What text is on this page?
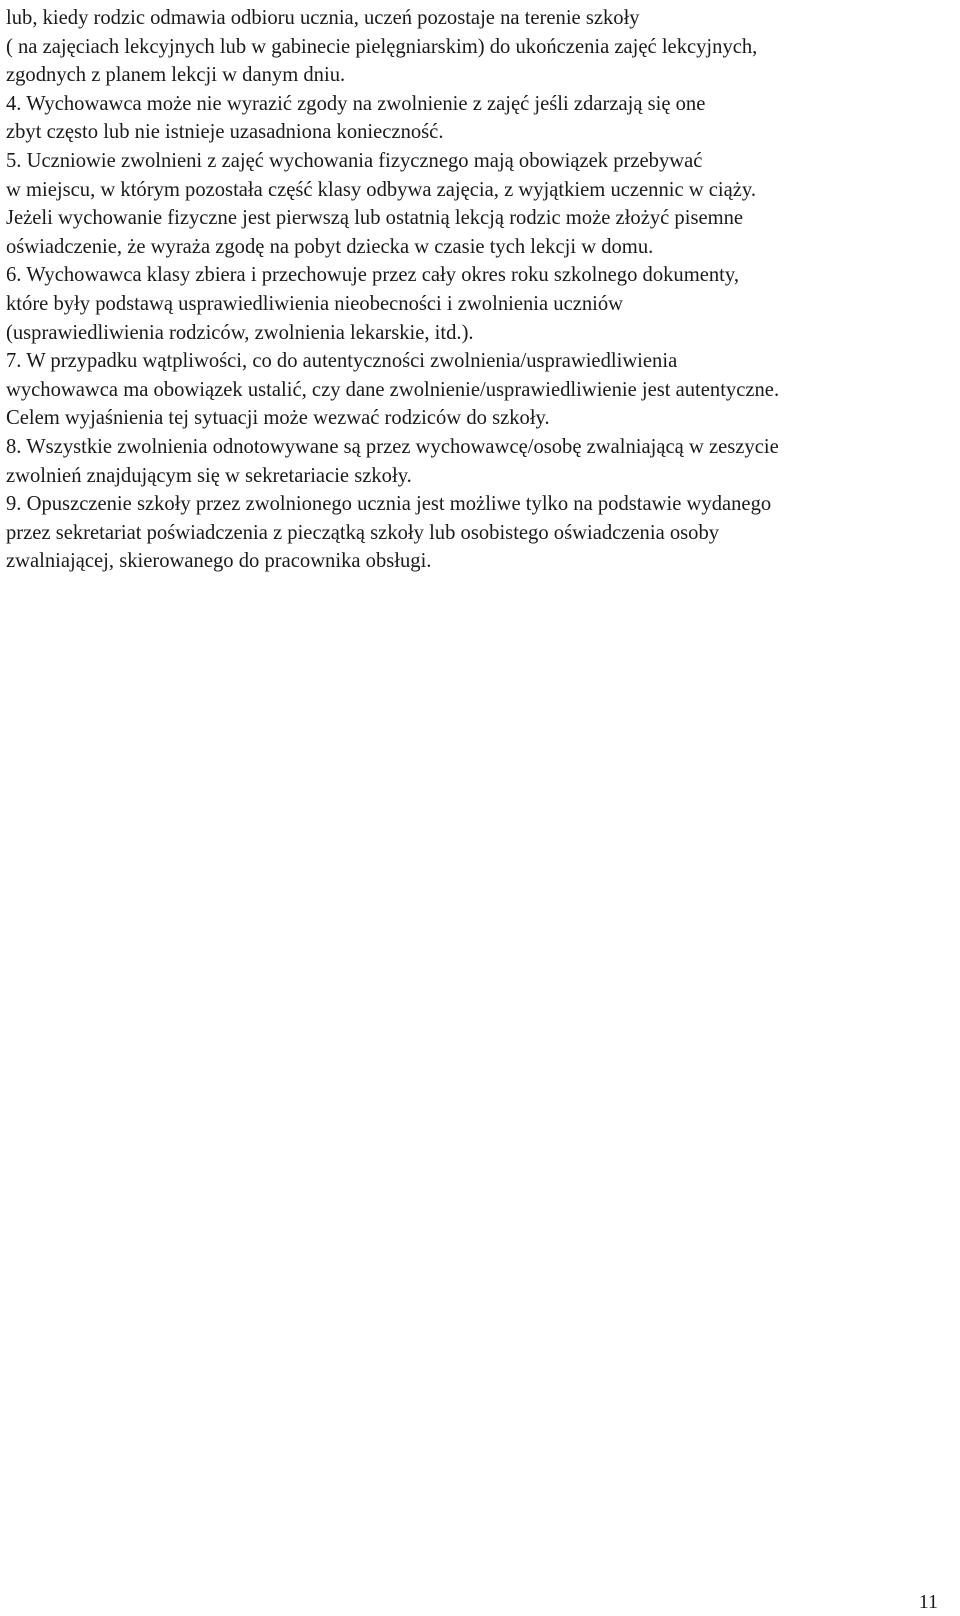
lub, kiedy rodzic odmawia odbioru ucznia, uczeń pozostaje na terenie szkoły
( na zajęciach lekcyjnych lub w gabinecie pielęgniarskim) do ukończenia zajęć lekcyjnych,
zgodnych z planem lekcji w danym dniu.
4. Wychowawca może nie wyrazić zgody na zwolnienie z zajęć jeśli zdarzają się one
zbyt często lub nie istnieje uzasadniona konieczność.
5. Uczniowie zwolnieni z zajęć wychowania fizycznego mają obowiązek przebywać
w miejscu, w którym pozostała część klasy odbywa zajęcia, z wyjątkiem uczennic w ciąży.
Jeżeli wychowanie fizyczne jest pierwszą lub ostatnią lekcją rodzic może złożyć pisemne
oświadczenie, że wyraża zgodę na pobyt dziecka w czasie tych lekcji w domu.
6. Wychowawca klasy zbiera i przechowuje przez cały okres roku szkolnego dokumenty,
które były podstawą usprawiedliwienia nieobecności i zwolnienia uczniów
(usprawiedliwienia rodziców, zwolnienia lekarskie, itd.).
7. W przypadku wątpliwości, co do autentyczności zwolnienia/usprawiedliwienia
wychowawca ma obowiązek ustalić, czy dane zwolnienie/usprawiedliwienie jest autentyczne.
Celem wyjaśnienia tej sytuacji może wezwać rodziców do szkoły.
8. Wszystkie zwolnienia odnotowywane są przez wychowawcę/osobę zwalniającą w zeszycie
zwolnień znajdującym się w sekretariacie szkoły.
9. Opuszczenie szkoły przez zwolnionego ucznia jest możliwe tylko na podstawie wydanego
przez sekretariat poświadczenia z pieczątką szkoły lub osobistego oświadczenia osoby
zwalniającej, skierowanego do pracownika obsługi.
11
